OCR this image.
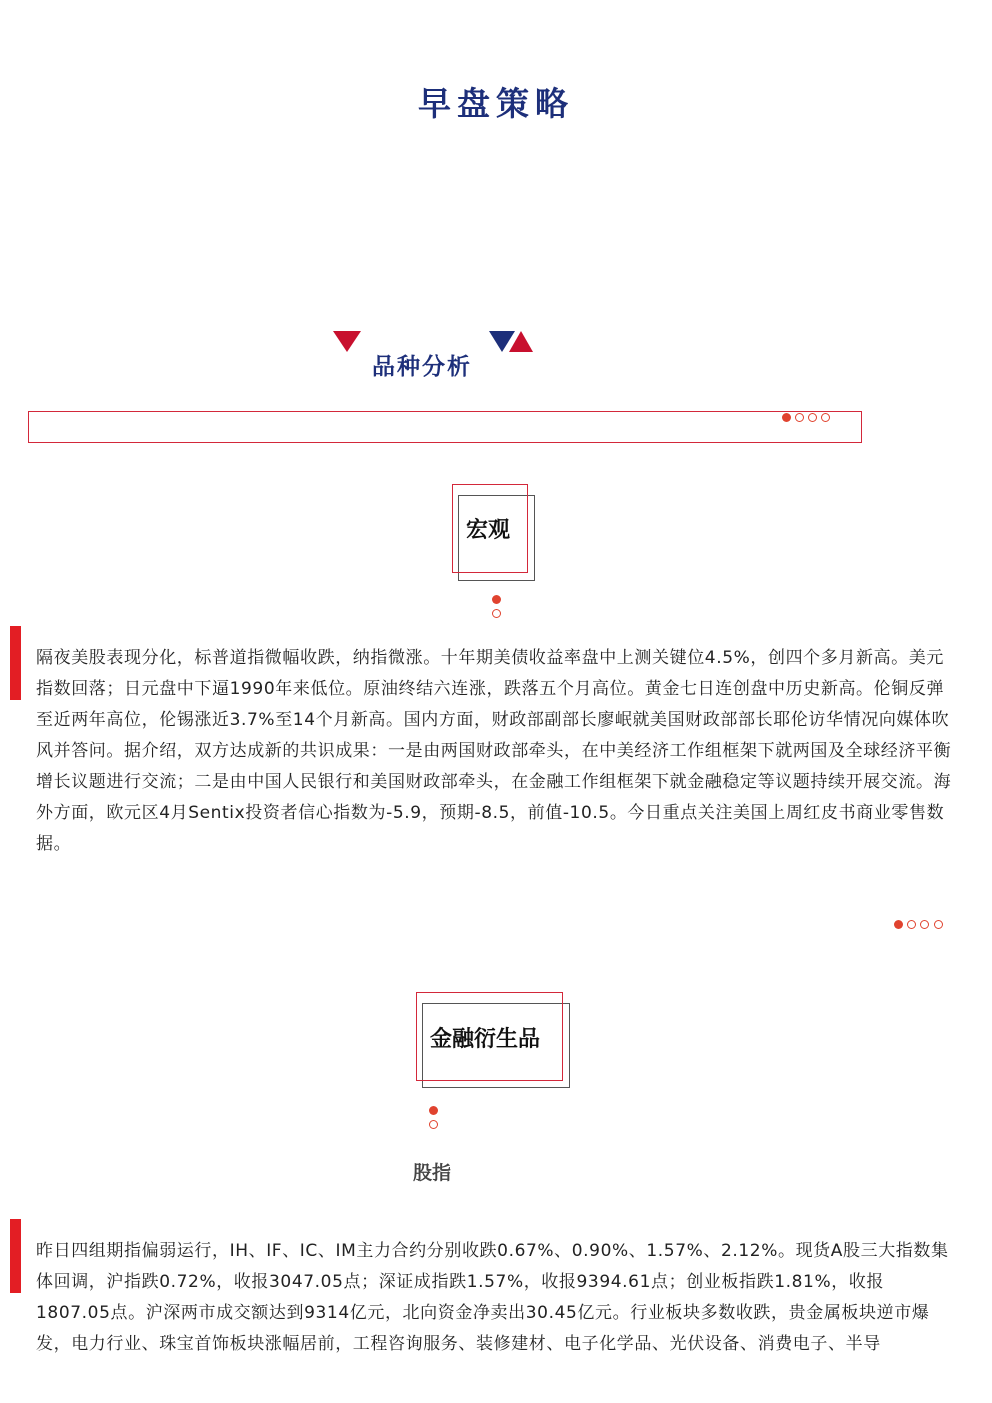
早盘策略
品种分析
宏观
隔夜美股表现分化，标普道指微幅收跌，纳指微涨。十年期美债收益率盘中上测关键位4.5%，创四个多月新高。美元指数回落；日元盘中下逼1990年来低位。原油终结六连涨，跌落五个月高位。黄金七日连创盘中历史新高。伦铜反弹至近两年高位，伦锡涨近3.7%至14个月新高。国内方面，财政部副部长廖岷就美国财政部部长耶伦访华情况向媒体吹风并答问。据介绍，双方达成新的共识成果：一是由两国财政部牵头，在中美经济工作组框架下就两国及全球经济平衡增长议题进行交流；二是由中国人民银行和美国财政部牵头，在金融工作组框架下就金融稳定等议题持续开展交流。海外方面，欧元区4月Sentix投资者信心指数为-5.9，预期-8.5，前值-10.5。今日重点关注美国上周红皮书商业零售数据。
金融衍生品
股指
昨日四组期指偏弱运行，IH、IF、IC、IM主力合约分别收跌0.67%、0.90%、1.57%、2.12%。现货A股三大指数集体回调，沪指跌0.72%，收报3047.05点；深证成指跌1.57%，收报9394.61点；创业板指跌1.81%，收报1807.05点。沪深两市成交额达到9314亿元，北向资金净卖出30.45亿元。行业板块多数收跌，贵金属板块逆市爆发，电力行业、珠宝首饰板块涨幅居前，工程咨询服务、装修建材、电子化学品、光伏设备、消费电子、半导
